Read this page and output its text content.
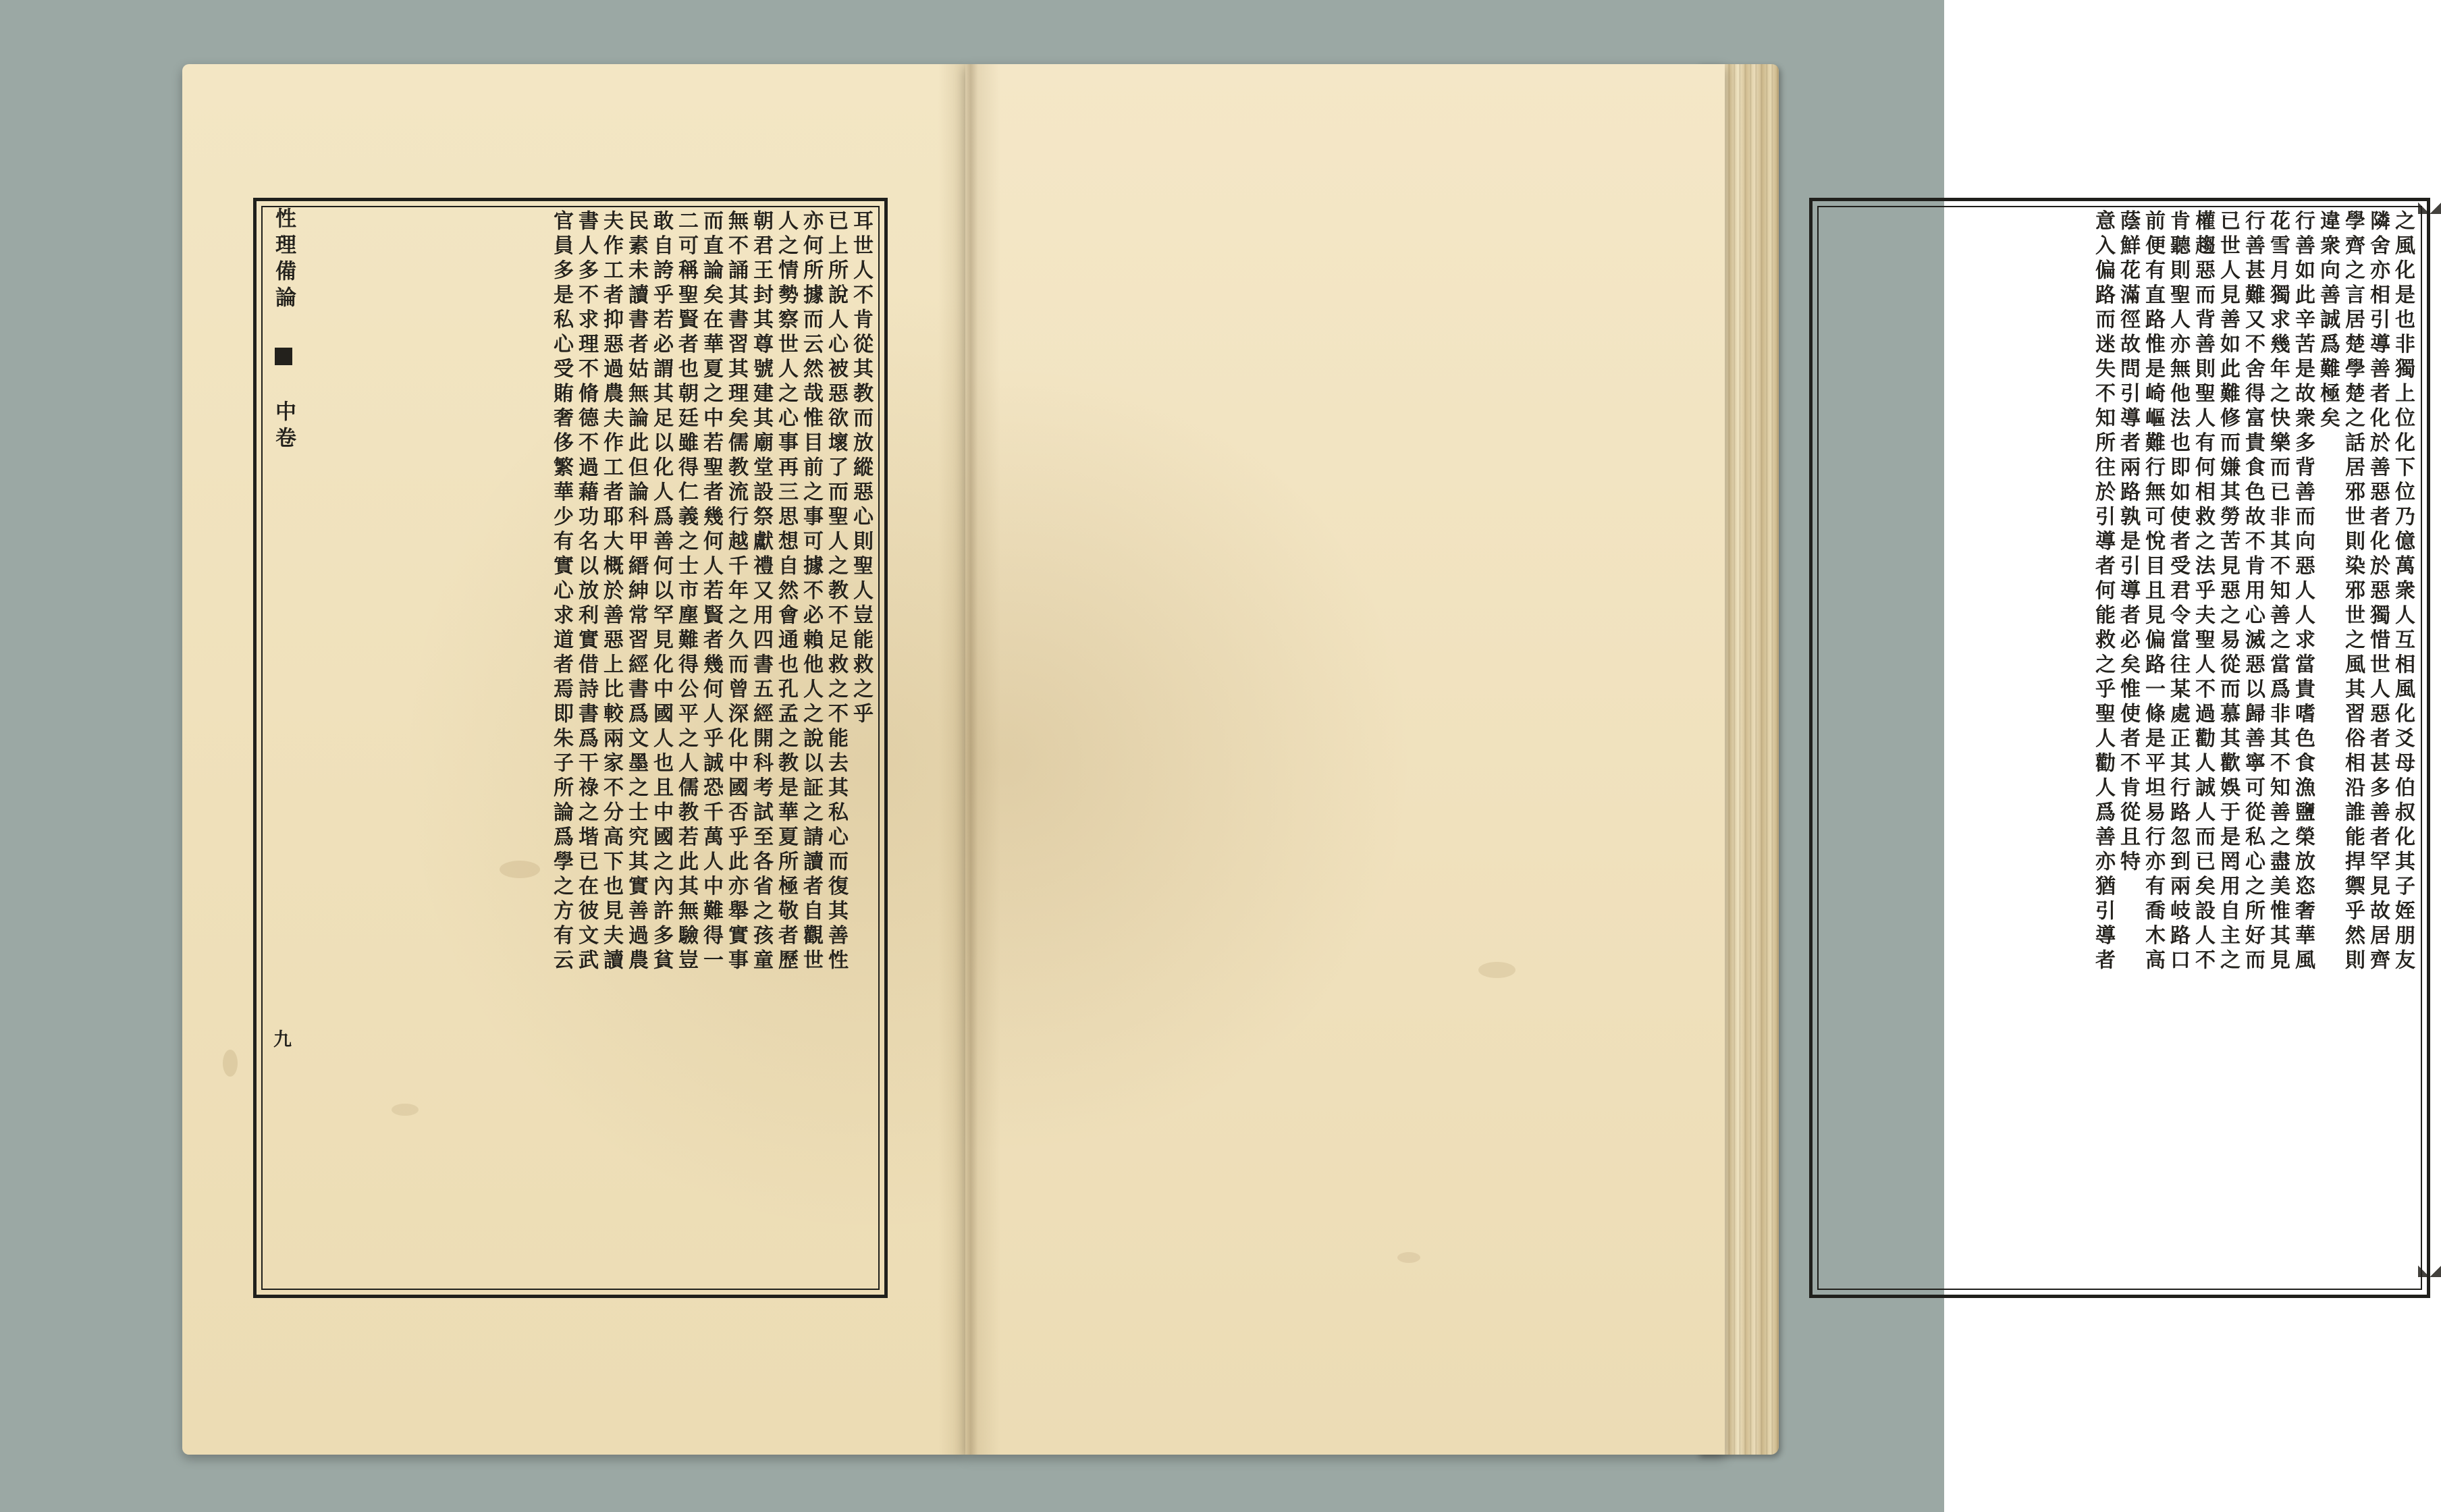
耳世人不肯從其教而放縱惡心則聖人豈能救之乎
已上所說人心被惡欲壞了而聖人之教不足救之不能去其私心而復其善性
亦何所據而云然哉惟目前之事可據不必賴他人之說以証之請讀者自觀世
人之情勢察世人之心事再三思想自然會通也孔孟之教是華夏所極敬者歷
朝君王封其尊號建其廟堂設祭獻禮又用四書五經開科考試至各省之孩童
無不誦其書習其理矣儒教流行越千年之久而曾深化中國否乎此亦舉實事
而直論矣在華夏之中若聖者幾何人若賢者幾何人乎誠恐千萬人中難得一
二可稱聖賢者也朝廷雖得仁義之士市塵難得公平之人儒教若此其無驗豈
敢自誇乎若必謂其足以化人爲善何以罕見化中國人也且中國之內許多貧
民素未讀書者姑無論此但論科甲縉紳常習經書爲文墨之士究其實善過農
夫作工者抑惡過農夫作工者耶大概於善惡上比較兩家不分高下也見夫讀
書人多不求理不脩德不過藉功名以放利實借詩書爲干祿之堦已在彼文武
官員多是私心受賄奢侈繁華少有實心求道者焉即朱子所論爲學之方有云
性理備論  中卷
九
之風化是也非獨上位化下位乃億萬衆人互相風化爻母伯叔化其子姪朋友
隣舍亦相引導善者化於善惡者化於惡獨惜世人惡者甚多善者罕見故居齊
學齊之言居楚學楚之話居邪世則染邪世之風其習俗相沿誰能捍禦乎然則
違衆向善誠爲難極矣
行善如此辛苦是故衆多背善而向惡人人求當貴嗜色食漁鹽榮放恣奢華風
花雪月獨求幾年之快樂而已非其不知善之當爲非其不知善之盡美惟其見
行善甚難又不舍得富貴食色故不肯用心滅惡以歸善寧可從私心之所好而
已世人見善如此難修而嫌其勞苦見惡之易從而慕其歡娛于是罔用自主之
權趨惡而背善則聖人有何相救之法乎夫聖人不過勸人誠人而已矣設人不
肯聽則聖人亦無他法也即如使者受君令當往某處正其行路忽到兩岐路口
前便有直路惟是崎嶇難行無可悅目且見偏路一條是平坦易行亦有喬木高
蔭鮮花滿徑故問引導者兩路孰是引導者必矣惟使者不肯從且特
意入偏路而迷失不知所往於引導者何能救之乎聖人勸人爲善亦猶引導者
